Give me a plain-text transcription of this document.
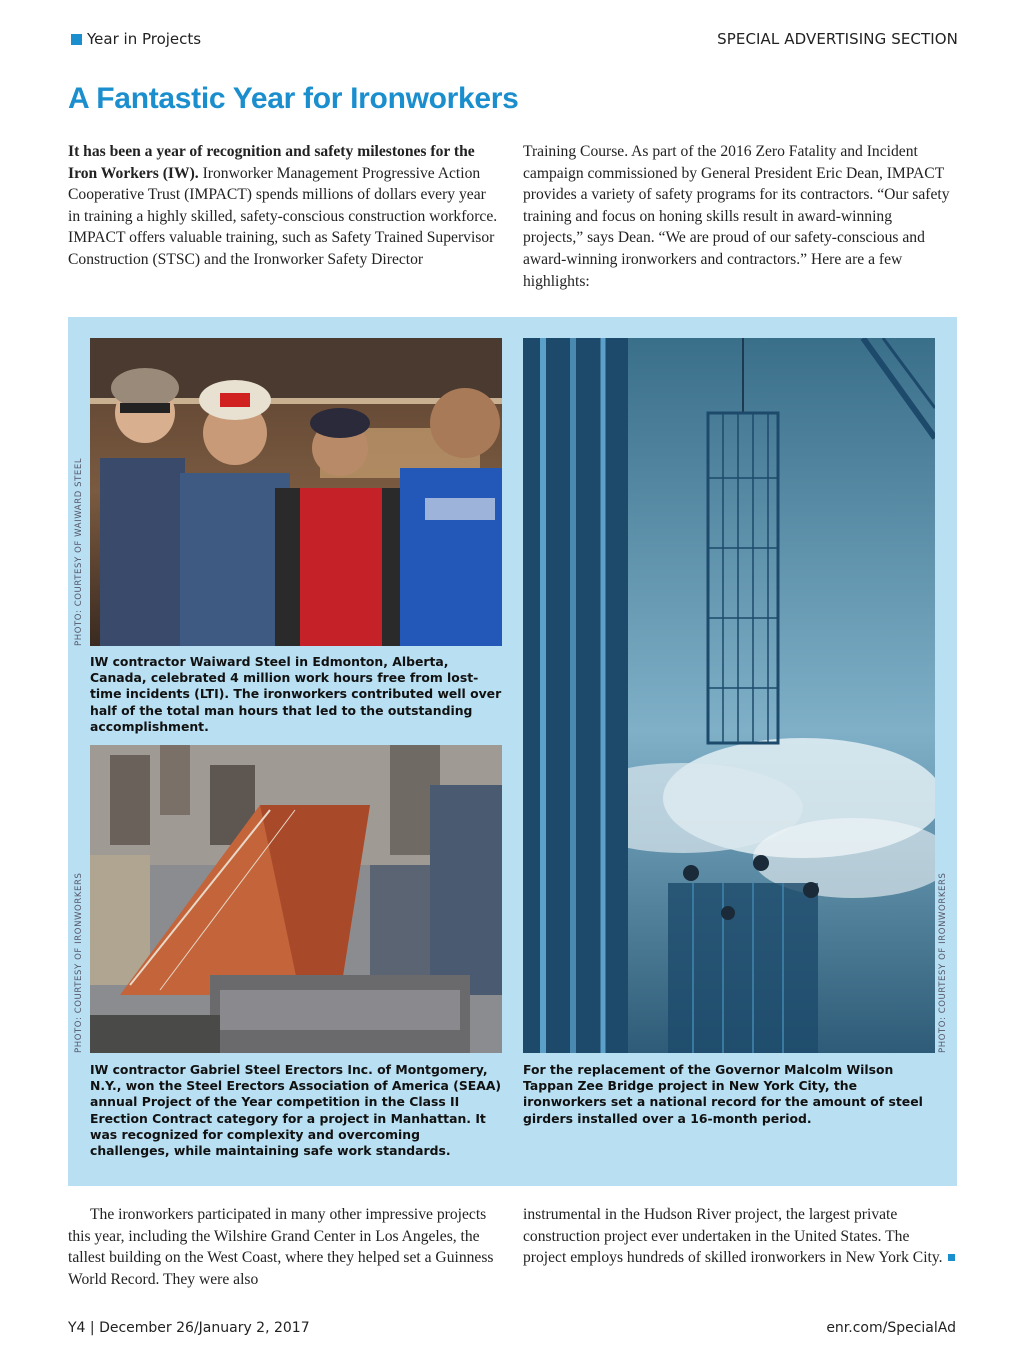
Year in Projects	SPECIAL ADVERTISING SECTION
A Fantastic Year for Ironworkers

It has been a year of recognition and safety milestones for the Iron Workers (IW). Ironworker Management Progressive Action Cooperative Trust (IMPACT) spends millions of dollars every year in training a highly skilled, safety-conscious construction workforce. IMPACT offers valuable training, such as Safety Trained Supervisor Construction (STSC) and the Ironworker Safety Director

Training Course. As part of the 2016 Zero Fatality and Incident campaign commissioned by General President Eric Dean, IMPACT provides a variety of safety programs for its contractors. “Our safety training and focus on honing skills result in award-winning projects,” says Dean. “We are proud of our safety-conscious and award-winning ironworkers and contractors.” Here are a few highlights:

PHOTO: COURTESY OF WAIWARD STEEL

IW contractor Waiward Steel in Edmonton, Alberta, Canada, celebrated 4 million work hours free from lost-time incidents (LTI). The ironworkers contributed well over half of the total man hours that led to the outstanding accomplishment.

PHOTO: COURTESY OF IRONWORKERS

IW contractor Gabriel Steel Erectors Inc. of Montgomery, N.Y., won the Steel Erectors Association of America (SEAA) annual Project of the Year competition in the Class II Erection Contract category for a project in Manhattan. It was recognized for complexity and overcoming challenges, while maintaining safe work standards.

PHOTO: COURTESY OF IRONWORKERS

For the replacement of the Governor Malcolm Wilson Tappan Zee Bridge project in New York City, the ironworkers set a national record for the amount of steel girders installed over a 16-month period.

The ironworkers participated in many other impressive projects this year, including the Wilshire Grand Center in Los Angeles, the tallest building on the West Coast, where they helped set a Guinness World Record. They were also

instrumental in the Hudson River project, the largest private construction project ever undertaken in the United States. The project employs hundreds of skilled ironworkers in New York City.

Y4 | December 26/January 2, 2017	enr.com/SpecialAd
